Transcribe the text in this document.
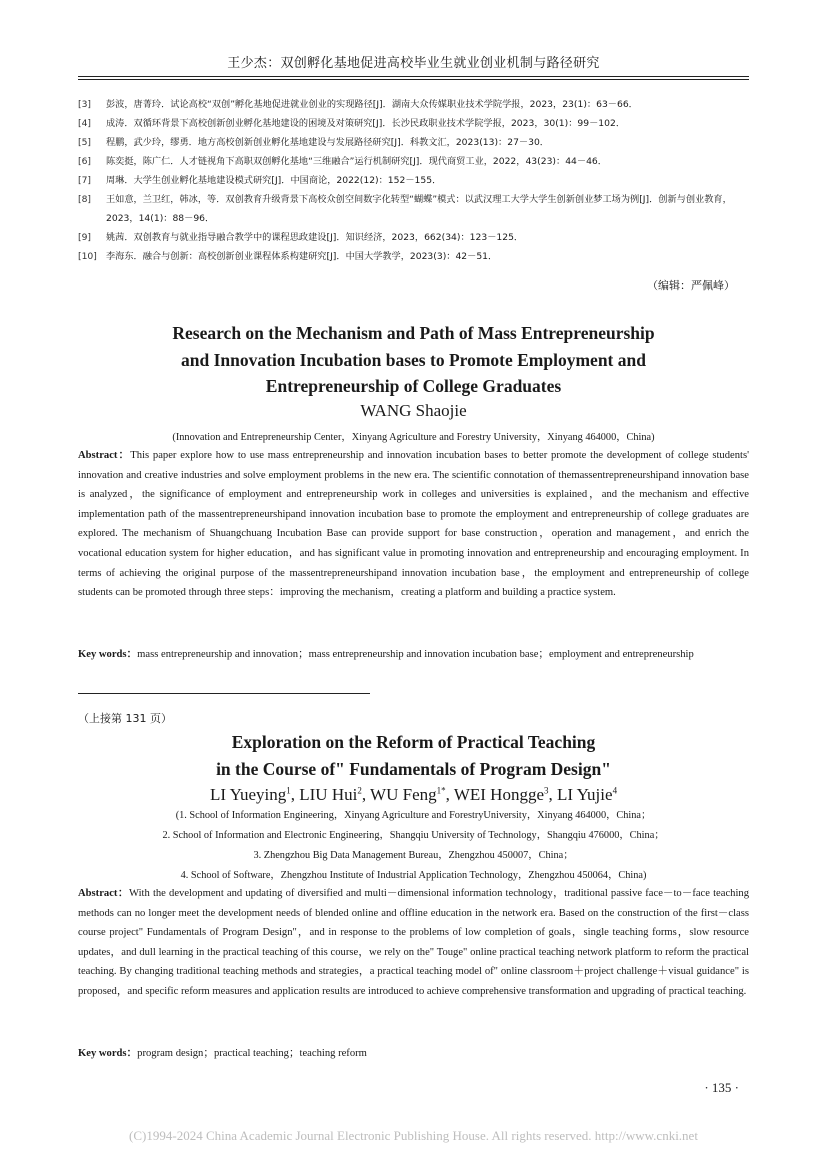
王少杰：双创孵化基地促进高校毕业生就业创业机制与路径研究
[3]	彭波，唐菁玲．试论高校“双创”孵化基地促进就业创业的实现路径[J]．湖南大众传媒职业技术学院学报，2023，23(1)：63－66．
[4]	成涛．双循环背景下高校创新创业孵化基地建设的困境及对策研究[J]．长沙民政职业技术学院学报，2023，30(1)：99－102．
[5]	程鹏，武少玲，缪勇．地方高校创新创业孵化基地建设与发展路径研究[J]．科教文汇，2023(13)：27－30．
[6]	陈奕挺，陈广仁．人才链视角下高职双创孵化基地“三维融合”运行机制研究[J]．现代商贸工业，2022，43(23)：44－46．
[7]	周琳．大学生创业孵化基地建设模式研究[J]．中国商论，2022(12)：152－155．
[8]	王如意，兰卫红，韩冰，等．双创教育升级背景下高校众创空间数字化转型“蝴蝶”模式：以武汉理工大学大学生创新创业梦工场为例[J]．创新与创业教育，2023，14(1)：88－96．
[9]	姚茜．双创教育与就业指导融合教学中的课程思政建设[J]．知识经济，2023，662(34)：123－125．
[10] 李海东．融合与创新：高校创新创业课程体系构建研究[J]．中国大学教学，2023(3)：42－51．
（编辑：严佩峰）
Research on the Mechanism and Path of Mass Entrepreneurship
and Innovation Incubation bases to Promote Employment and
Entrepreneurship of College Graduates
WANG Shaojie
(Innovation and Entrepreneurship Center，Xinyang Agriculture and Forestry University，Xinyang 464000，China)
Abstract：This paper explore how to use mass entrepreneurship and innovation incubation bases to better promote the development of college students' innovation and creative industries and solve employment problems in the new era. The scientific connotation of themassentrepreneurshipand innovation base is analyzed，the significance of employment and entrepreneurship work in colleges and universities is explained，and the mechanism and effective implementation path of the massentrepreneurshipand innovation incubation base to promote the employment and entrepreneurship of college graduates are explored. The mechanism of Shuangchuang Incubation Base can provide support for base construction，operation and management，and enrich the vocational education system for higher education，and has significant value in promoting innovation and entrepreneurship and encouraging employment. In terms of achieving the original purpose of the massentrepreneurshipand innovation incubation base，the employment and entrepreneurship of college students can be promoted through three steps：improving the mechanism，creating a platform and building a practice system.
Key words：mass entrepreneurship and innovation；mass entrepreneurship and innovation incubation base；employment and entrepreneurship
（上接第 131 页）
Exploration on the Reform of Practical Teaching
in the Course of" Fundamentals of Program Design"
LI Yueying$^1$, LIU Hui$^2$, WU Feng$^{1*}$, WEI Hongge$^3$, LI Yujie$^4$
(1. School of Information Engineering，Xinyang Agriculture and ForestryUniversity，Xinyang 464000，China；
2. School of Information and Electronic Engineering，Shangqiu University of Technology，Shangqiu 476000，China；
3. Zhengzhou Big Data Management Bureau，Zhengzhou 450007，China；
4. School of Software，Zhengzhou Institute of Industrial Application Technology，Zhengzhou 450064，China)
Abstract：With the development and updating of diversified and multi－dimensional information technology，traditional passive face－to－face teaching methods can no longer meet the development needs of blended online and offline education in the network era. Based on the construction of the first－class course project" Fundamentals of Program Design"，and in response to the problems of low completion of goals，single teaching forms，slow resource updates，and dull learning in the practical teaching of this course，we rely on the" Touge" online practical teaching network platform to reform the practical teaching. By changing traditional teaching methods and strategies，a practical teaching model of" online classroom＋project challenge＋visual guidance" is proposed，and specific reform measures and application results are introduced to achieve comprehensive transformation and upgrading of practical teaching.
Key words：program design；practical teaching；teaching reform
· 135 ·
(C)1994-2024 China Academic Journal Electronic Publishing House. All rights reserved. http://www.cnki.net
